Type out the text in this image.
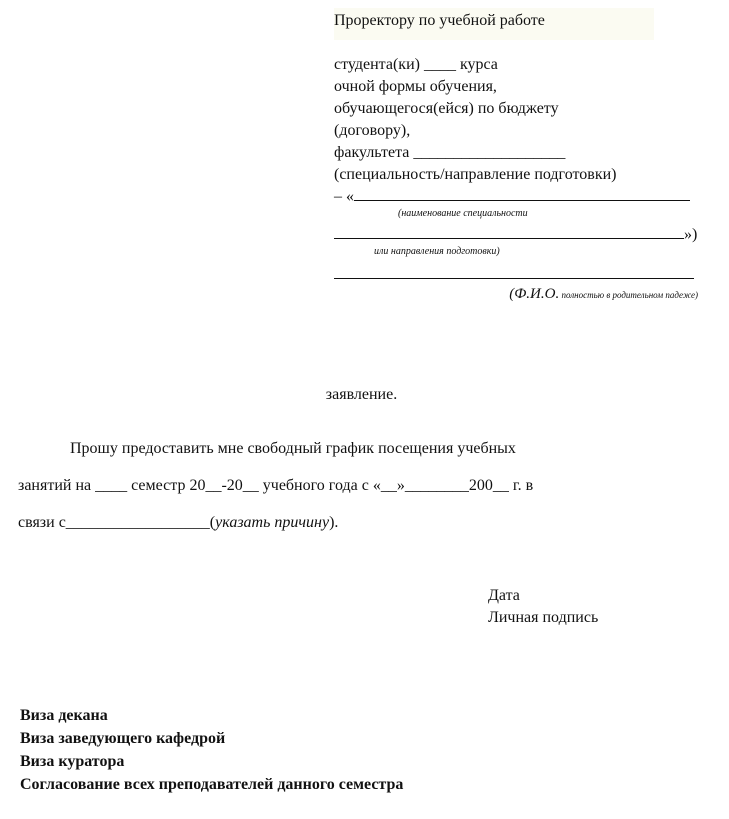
Проректору по учебной работе
студента(ки) ____ курса
очной формы обучения,
обучающегося(ейся) по бюджету
(договору),
факультета ___________________
(специальность/направление подготовки)
– «
(наименование специальности
»)
или направления подготовки)
(Ф.И.О. полностью в родительном падеже)
заявление.
Прошу предоставить мне свободный график посещения учебных
занятий на ____ семестр 20__-20__ учебного года с «__»________200__ г. в
связи с__________________(указать причину).
Дата
Личная подпись
Виза декана
Виза заведующего кафедрой
Виза куратора
Согласование всех преподавателей данного семестра
